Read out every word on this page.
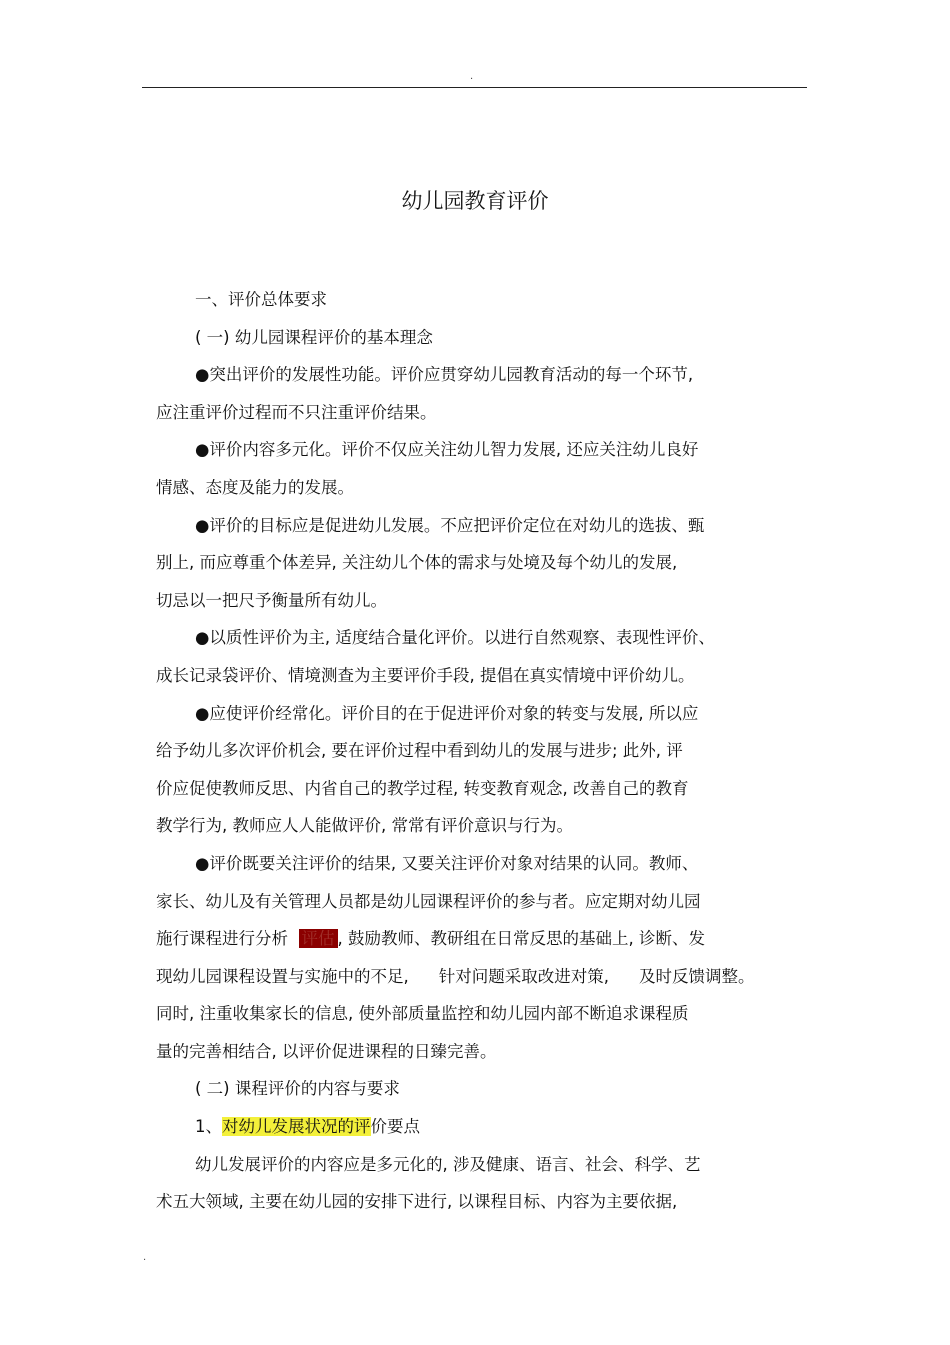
.
幼儿园教育评价
一、评价总体要求
( 一) 幼儿园课程评价的基本理念
●突出评价的发展性功能。评价应贯穿幼儿园教育活动的每一个环节,
应注重评价过程而不只注重评价结果。
●评价内容多元化。评价不仅应关注幼儿智力发展, 还应关注幼儿良好
情感、态度及能力的发展。
●评价的目标应是促进幼儿发展。不应把评价定位在对幼儿的选拔、甄
别上, 而应尊重个体差异, 关注幼儿个体的需求与处境及每个幼儿的发展,
切忌以一把尺予衡量所有幼儿。
●以质性评价为主, 适度结合量化评价。以进行自然观察、表现性评价、
成长记录袋评价、情境测查为主要评价手段, 提倡在真实情境中评价幼儿。
●应使评价经常化。评价目的在于促进评价对象的转变与发展, 所以应
给予幼儿多次评价机会, 要在评价过程中看到幼儿的发展与进步; 此外, 评
价应促使教师反思、内省自己的教学过程, 转变教育观念, 改善自己的教育
教学行为, 教师应人人能做评价, 常常有评价意识与行为。
●评价既要关注评价的结果, 又要关注评价对象对结果的认同。教师、
家长、幼儿及有关管理人员都是幼儿园课程评价的参与者。应定期对幼儿园
施行课程进行分析 评估 , 鼓励教师、教研组在日常反思的基础上, 诊断、发
现幼儿园课程设置与实施中的不足, 针对问题采取改进对策, 及时反馈调整。
同时, 注重收集家长的信息, 使外部质量监控和幼儿园内部不断追求课程质
量的完善相结合, 以评价促进课程的日臻完善。
( 二) 课程评价的内容与要求
1、对幼儿发展状况的评价要点
幼儿发展评价的内容应是多元化的, 涉及健康、语言、社会、科学、艺
术五大领域, 主要在幼儿园的安排下进行, 以课程目标、内容为主要依据,
.
